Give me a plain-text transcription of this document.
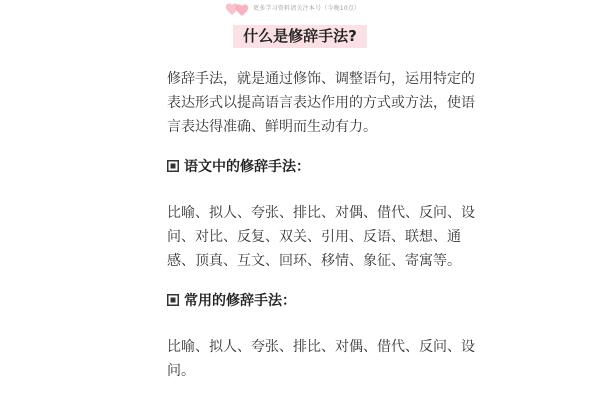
更多学习资料请关注本号（今晚10点）
什么是修辞手法?
修辞手法，就是通过修饰、调整语句，运用特定的
表达形式以提高语言表达作用的方式或方法，使语
言表达得准确、鲜明而生动有力。
语文中的修辞手法：
比喻、拟人、夸张、排比、对偶、借代、反问、设
问、对比、反复、双关、引用、反语、联想、通
感、顶真、互文、回环、移情、象征、寄寓等。
常用的修辞手法：
比喻、拟人、夸张、排比、对偶、借代、反问、设
问。
